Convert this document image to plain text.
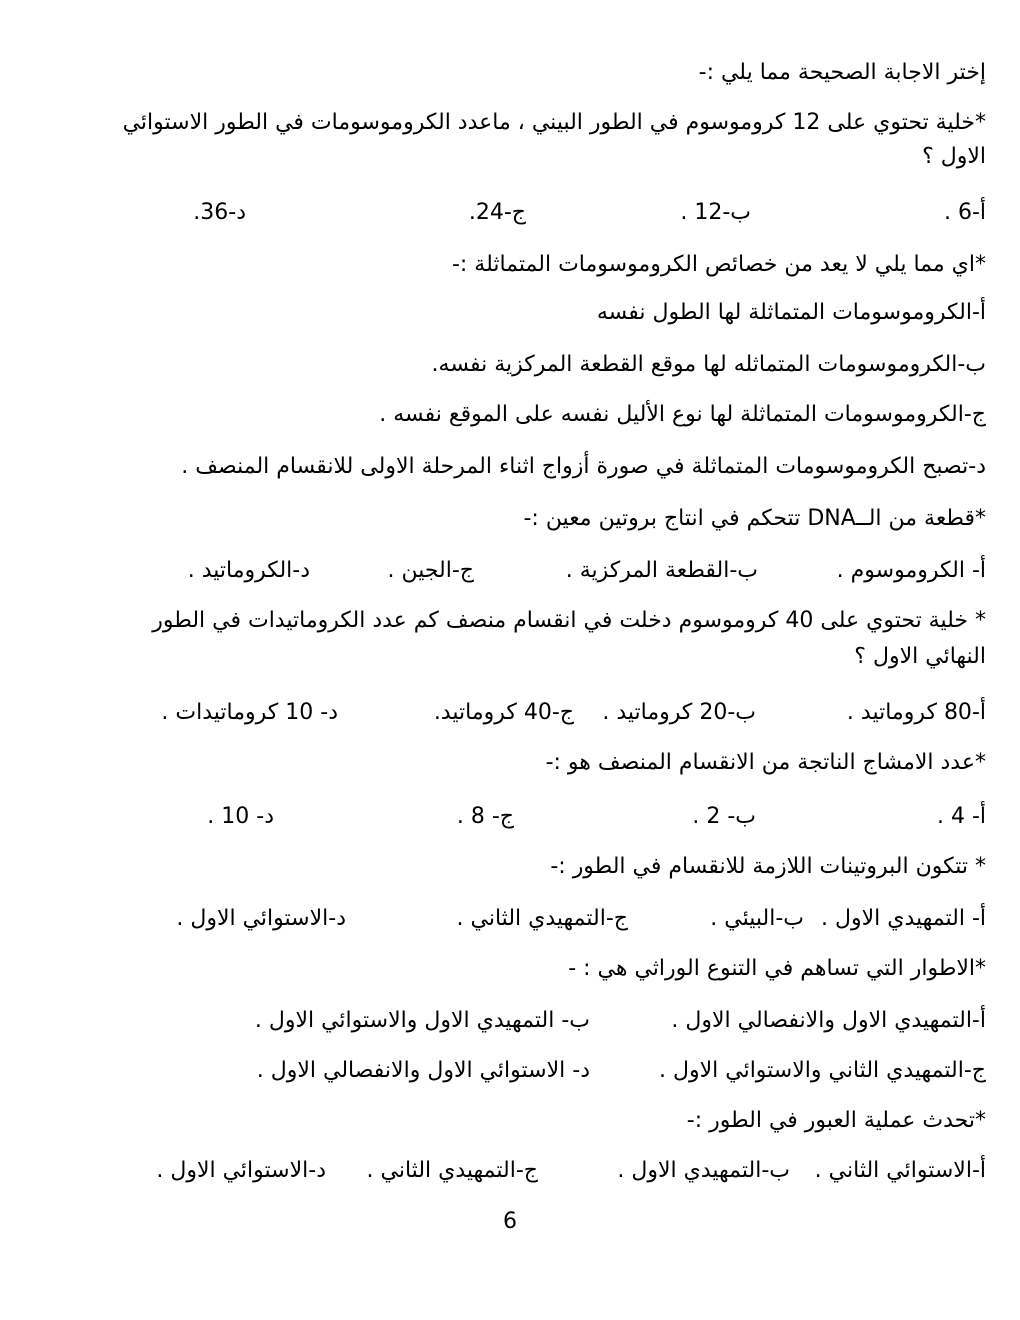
إختر الاجابة الصحيحة مما يلي :-
*خلية تحتوي على 12 كروموسوم في الطور البيني ، ماعدد الكروموسومات في الطور الاستوائي
الاول ؟
أ-6 .
ب-12 .
ج-24.
د-36.
*اي مما يلي لا يعد من خصائص الكروموسومات المتماثلة :-
أ-الكروموسومات المتماثلة لها الطول نفسه
ب-الكروموسومات المتماثله لها موقع القطعة المركزية نفسه.
ج-الكروموسومات المتماثلة لها نوع الأليل نفسه على الموقع نفسه .
د-تصبح الكروموسومات المتماثلة في صورة أزواج اثناء المرحلة الاولى للانقسام المنصف .
*قطعة من الــDNA تتحكم في انتاج بروتين معين :-
أ- الكروموسوم .
ب-القطعة المركزية .
ج-الجين .
د-الكروماتيد .
* خلية تحتوي على 40 كروموسوم دخلت في انقسام منصف كم عدد الكروماتيدات في الطور
النهائي الاول ؟
أ-80 كروماتيد .
ب-20 كروماتيد .
ج-40 كروماتيد.
د- 10 كروماتيدات .
*عدد الامشاج الناتجة من الانقسام المنصف هو :-
أ- 4 .
ب- 2 .
ج- 8 .
د- 10 .
* تتكون البروتينات اللازمة للانقسام في الطور :-
أ- التمهيدي الاول .
ب-البيئي .
ج-التمهيدي الثاني .
د-الاستوائي الاول .
*الاطوار التي تساهم في التنوع الوراثي هي : -
أ-التمهيدي الاول والانفصالي الاول .
ب- التمهيدي الاول والاستوائي الاول .
ج-التمهيدي الثاني والاستوائي الاول .
د- الاستوائي الاول والانفصالي الاول .
*تحدث عملية العبور في الطور :-
أ-الاستوائي الثاني .
ب-التمهيدي الاول .
ج-التمهيدي الثاني .
د-الاستوائي الاول .
6
